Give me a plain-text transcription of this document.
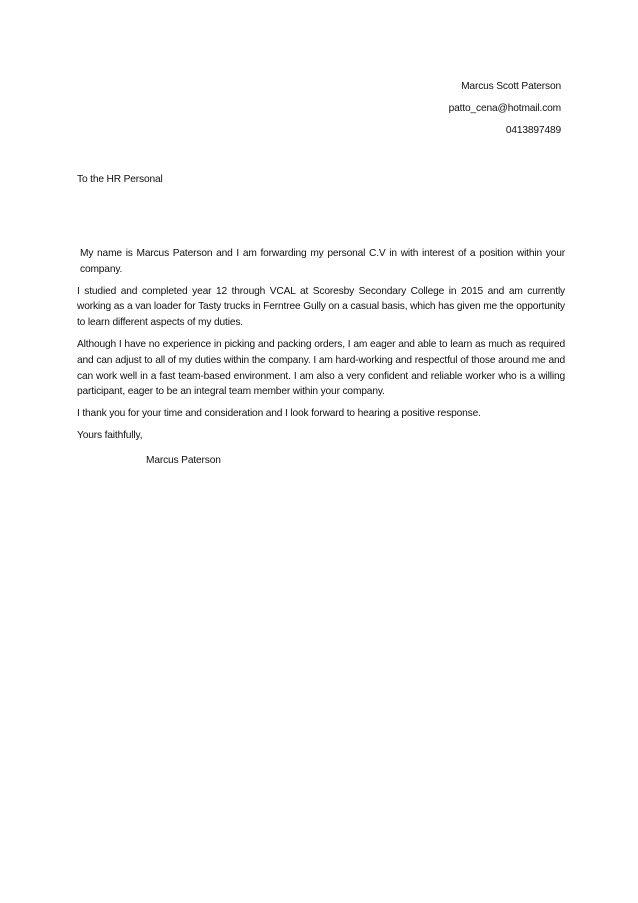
Marcus Scott Paterson
patto_cena@hotmail.com
0413897489
To the HR Personal

My name is Marcus Paterson and I am forwarding my personal C.V in with interest of a position within your company.

I studied and completed year 12 through VCAL at Scoresby Secondary College in 2015 and am currently working as a van loader for Tasty trucks in Ferntree Gully on a casual basis, which has given me the opportunity to learn different aspects of my duties.

Although I have no experience in picking and packing orders, I am eager and able to learn as much as required and can adjust to all of my duties within the company. I am hard-working and respectful of those around me and can work well in a fast team-based environment. I am also a very confident and reliable worker who is a willing participant, eager to be an integral team member within your company.

I thank you for your time and consideration and I look forward to hearing a positive response.

Yours faithfully,
Marcus Paterson
